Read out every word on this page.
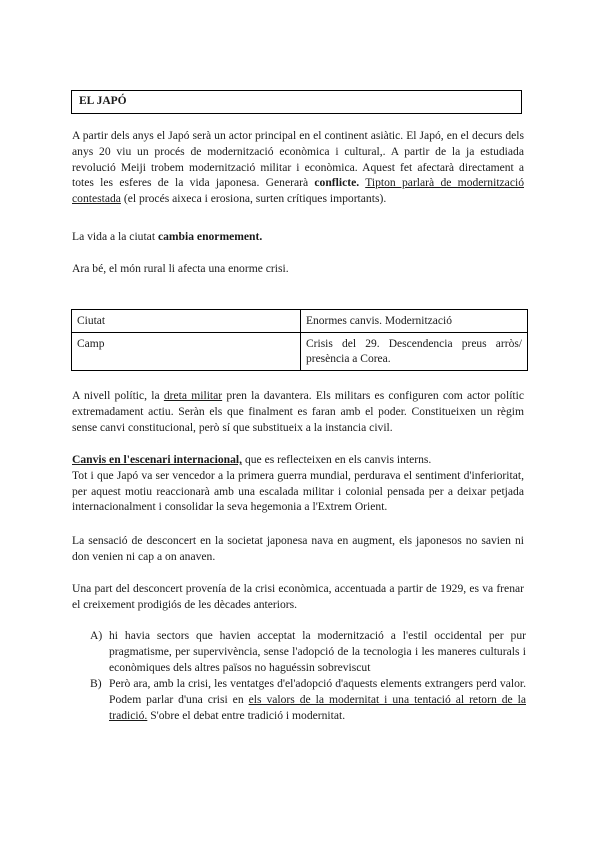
EL JAPÓ

A partir dels anys el Japó serà un actor principal en el continent asiàtic. El Japó, en el decurs dels anys 20 viu un procés de modernització econòmica i cultural,. A partir de la ja estudiada revolució Meiji trobem modernització militar i econòmica. Aquest fet afectarà directament a totes les esferes de la vida japonesa. Generarà conflicte. Tipton parlarà de modernització contestada (el procés aixeca i erosiona, surten crítiques importants).

La vida a la ciutat cambia enormement.

Ara bé, el món rural li afecta una enorme crisi.

Ciutat	Enormes canvis. Modernització
Camp	Crisis del 29. Descendencia preus arròs/ presència a Corea.

A nivell polític, la dreta militar pren la davantera. Els militars es configuren com actor polític extremadament actiu. Seràn els que finalment es faran amb el poder. Constitueixen un règim sense canvi constitucional, però sí que substitueix a la instancia civil.

Canvis en l'escenari internacional, que es reflecteixen en els canvis interns.
Tot i que Japó va ser vencedor a la primera guerra mundial, perdurava el sentiment d'inferioritat, per aquest motiu reaccionarà amb una escalada militar i colonial pensada per a deixar petjada internacionalment i consolidar la seva hegemonia a l'Extrem Orient.

La sensació de desconcert en la societat japonesa nava en augment, els japonesos no savien ni don venien ni cap a on anaven.

Una part del desconcert provenía de la crisi econòmica, accentuada a partir de 1929, es va frenar el creixement prodigiós de les dècades anteriors.

A) hi havia sectors que havien acceptat la modernització a l'estil occidental per pur pragmatisme, per supervivència, sense l'adopció de la tecnologia i les maneres culturals i econòmiques dels altres països no haguéssin sobreviscut
B) Però ara, amb la crisi, les ventatges d'el'adopció d'aquests elements extrangers perd valor. Podem parlar d'una crisi en els valors de la modernitat i una tentació al retorn de la tradició. S'obre el debat entre tradició i modernitat.
